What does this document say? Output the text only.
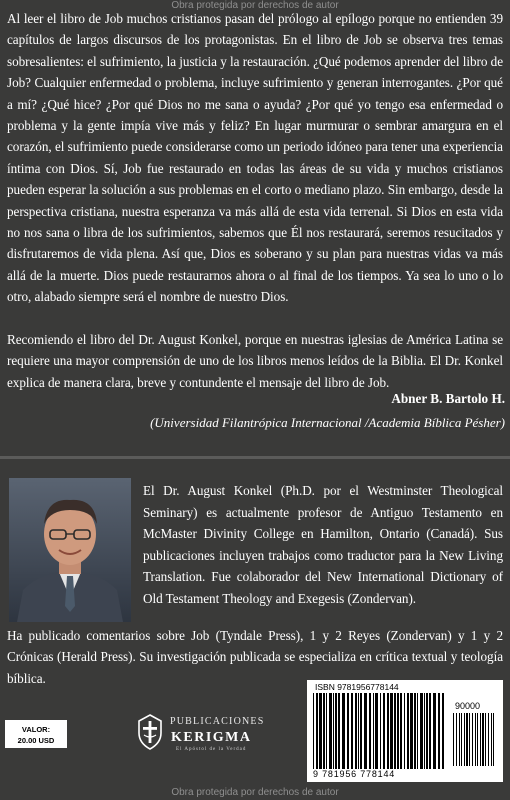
Obra protegida por derechos de autor

Al leer el libro de Job muchos cristianos pasan del prólogo al epílogo porque no entienden 39 capítulos de largos discursos de los protagonistas. En el libro de Job se observa tres temas sobresalientes: el sufrimiento, la justicia y la restauración. ¿Qué podemos aprender del libro de Job? Cualquier enfermedad o problema, incluye sufrimiento y generan interrogantes. ¿Por qué a mí? ¿Qué hice? ¿Por qué Dios no me sana o ayuda? ¿Por qué yo tengo esa enfermedad o problema y la gente impía vive más y feliz? En lugar murmurar o sembrar amargura en el corazón, el sufrimiento puede considerarse como un periodo idóneo para tener una experiencia íntima con Dios. Sí, Job fue restaurado en todas las áreas de su vida y muchos cristianos pueden esperar la solución a sus problemas en el corto o mediano plazo. Sin embargo, desde la perspectiva cristiana, nuestra esperanza va más allá de esta vida terrenal. Si Dios en esta vida no nos sana o libra de los sufrimientos, sabemos que Él nos restaurará, seremos resucitados y disfrutaremos de vida plena. Así que, Dios es soberano y su plan para nuestras vidas va más allá de la muerte. Dios puede restaurarnos ahora o al final de los tiempos. Ya sea lo uno o lo otro, alabado siempre será el nombre de nuestro Dios.

Recomiendo el libro del Dr. August Konkel, porque en nuestras iglesias de América Latina se requiere una mayor comprensión de uno de los libros menos leídos de la Biblia. El Dr. Konkel explica de manera clara, breve y contundente el mensaje del libro de Job.

Abner B. Bartolo H.
(Universidad Filantrópica Internacional /Academia Bíblica Pésher)

El Dr. August Konkel (Ph.D. por el Westminster Theological Seminary) es actualmente profesor de Antiguo Testamento en McMaster Divinity College en Hamilton, Ontario (Canadá). Sus publicaciones incluyen trabajos como traductor para la New Living Translation. Fue colaborador del New International Dictionary of Old Testament Theology and Exegesis (Zondervan).

Ha publicado comentarios sobre Job (Tyndale Press), 1 y 2 Reyes (Zondervan) y 1 y 2 Crónicas (Herald Press). Su investigación publicada se especializa en crítica textual y teología bíblica.

VALOR:
20.00 USD
PUBLICACIONES
KERIGMA
El Apóstol de la Verdad
ISBN 9781956778144
90000
9 781956 778144
Obra protegida por derechos de autor
